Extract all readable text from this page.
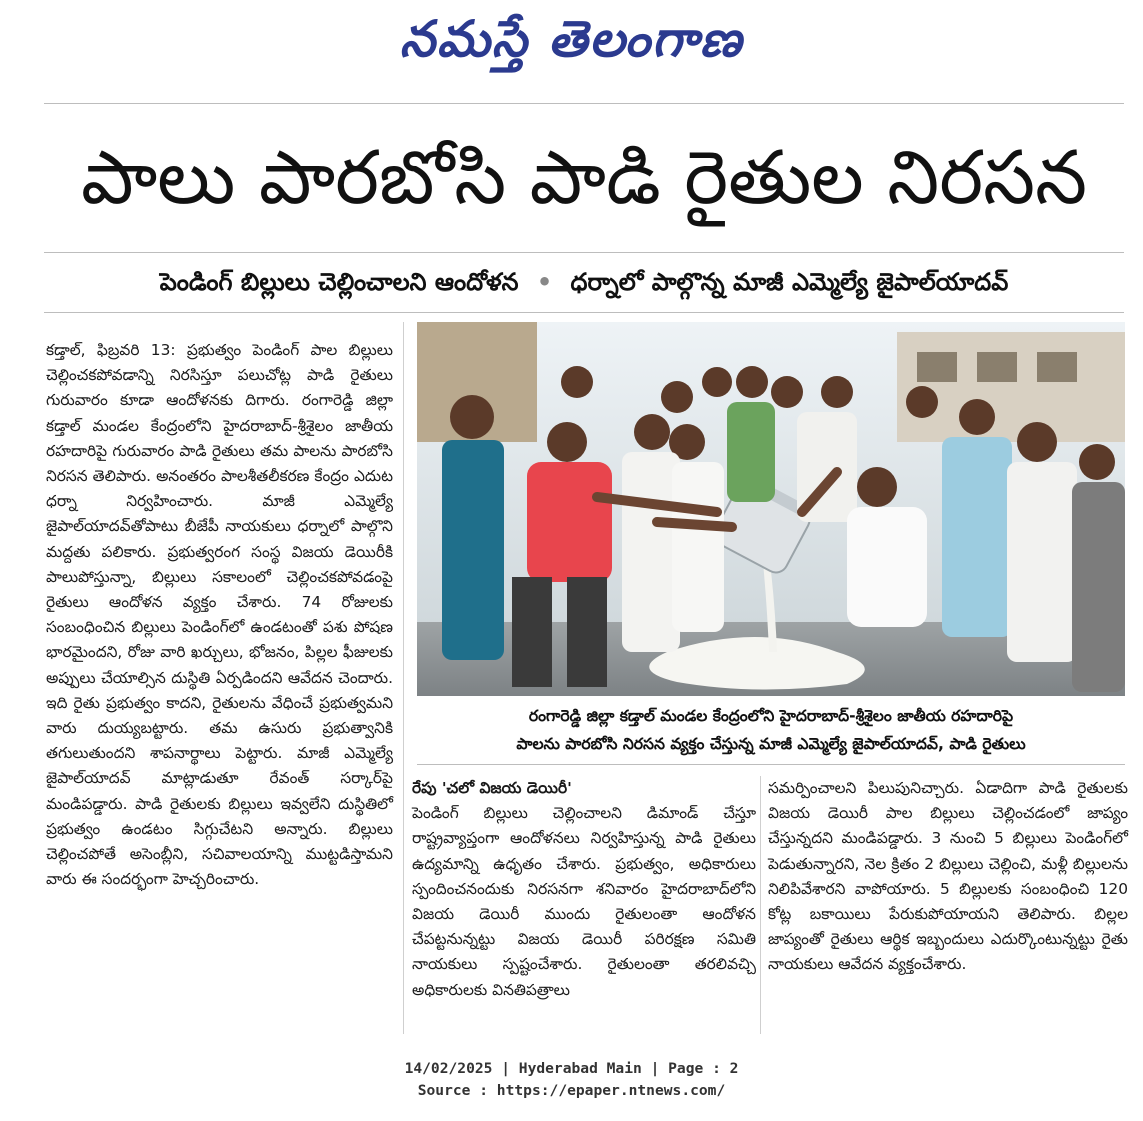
నమస్తే తెలంగాణ
పాలు పారబోసి పాడి రైతుల నిరసన
పెండింగ్ బిల్లులు చెల్లించాలని ఆందోళన • ధర్నాలో పాల్గొన్న మాజీ ఎమ్మెల్యే జైపాల్‌యాదవ్

కడ్తాల్, ఫిబ్రవరి 13: ప్రభుత్వం పెండింగ్ పాల బిల్లులు చెల్లించకపోవడాన్ని నిరసిస్తూ పలుచోట్ల పాడి రైతులు గురువారం కూడా ఆందోళనకు దిగారు. రంగారెడ్డి జిల్లా కడ్తాల్ మండల కేంద్రంలోని హైదరాబాద్-శ్రీశైలం జాతీయ రహదారిపై గురువారం పాడి రైతులు తమ పాలను పారబోసి నిరసన తెలిపారు. అనంతరం పాలశీతలీకరణ కేంద్రం ఎదుట ధర్నా నిర్వహించారు. మాజీ ఎమ్మెల్యే జైపాల్‌యాదవ్‌తోపాటు బీజేపీ నాయకులు ధర్నాలో పాల్గొని మద్దతు పలికారు. ప్రభుత్వరంగ సంస్థ విజయ డెయిరీకి పాలుపోస్తున్నా, బిల్లులు సకాలంలో చెల్లించకపోవడంపై రైతులు ఆందోళన వ్యక్తం చేశారు. 74 రోజులకు సంబంధించిన బిల్లులు పెండింగ్‌లో ఉండటంతో పశు పోషణ భారమైందని, రోజు వారి ఖర్చులు, భోజనం, పిల్లల ఫీజులకు అప్పులు చేయాల్సిన దుస్థితి ఏర్పడిందని ఆవేదన చెందారు. ఇది రైతు ప్రభుత్వం కాదని, రైతులను వేధించే ప్రభుత్వమని వారు దుయ్యబట్టారు. తమ ఉసురు ప్రభుత్వానికి తగులుతుందని శాపనార్థాలు పెట్టారు. మాజీ ఎమ్మెల్యే జైపాల్‌యాదవ్ మాట్లాడుతూ రేవంత్ సర్కార్‌పై మండిపడ్డారు. పాడి రైతులకు బిల్లులు ఇవ్వలేని దుస్థితిలో ప్రభుత్వం ఉండటం సిగ్గుచేటని అన్నారు. బిల్లులు చెల్లించపోతే అసెంబ్లీని, సచివాలయాన్ని ముట్టడిస్తామని వారు ఈ సందర్భంగా హెచ్చరించారు.

రంగారెడ్డి జిల్లా కడ్తాల్ మండల కేంద్రంలోని హైదరాబాద్-శ్రీశైలం జాతీయ రహదారిపై
పాలను పారబోసి నిరసన వ్యక్తం చేస్తున్న మాజీ ఎమ్మెల్యే జైపాల్‌యాదవ్, పాడి రైతులు

రేపు 'చలో విజయ డెయిరీ'

పెండింగ్ బిల్లులు చెల్లించాలని డిమాండ్ చేస్తూ రాష్ట్రవ్యాప్తంగా ఆందోళనలు నిర్వహిస్తున్న పాడి రైతులు ఉద్యమాన్ని ఉధృతం చేశారు. ప్రభుత్వం, అధికారులు స్పందించనందుకు నిరసనగా శనివారం హైదరాబాద్‌లోని విజయ డెయిరీ ముందు రైతులంతా ఆందోళన చేపట్టనున్నట్టు విజయ డెయిరీ పరిరక్షణ సమితి నాయకులు స్పష్టంచేశారు. రైతులంతా తరలివచ్చి అధికారులకు వినతిపత్రాలు

సమర్పించాలని పిలుపునిచ్చారు. ఏడాదిగా పాడి రైతులకు విజయ డెయిరీ పాల బిల్లులు చెల్లించడంలో జాప్యం చేస్తున్నదని మండిపడ్డారు. 3 నుంచి 5 బిల్లులు పెండింగ్‌లో పెడుతున్నారని, నెల క్రితం 2 బిల్లులు చెల్లించి, మళ్లీ బిల్లులను నిలిపివేశారని వాపోయారు. 5 బిల్లులకు సంబంధించి 120 కోట్ల బకాయిలు పేరుకుపోయాయని తెలిపారు. బిల్లల జాప్యంతో రైతులు ఆర్థిక ఇబ్బందులు ఎదుర్కొంటున్నట్టు రైతు నాయకులు ఆవేదన వ్యక్తంచేశారు.

14/02/2025 | Hyderabad Main | Page : 2
Source : https://epaper.ntnews.com/
